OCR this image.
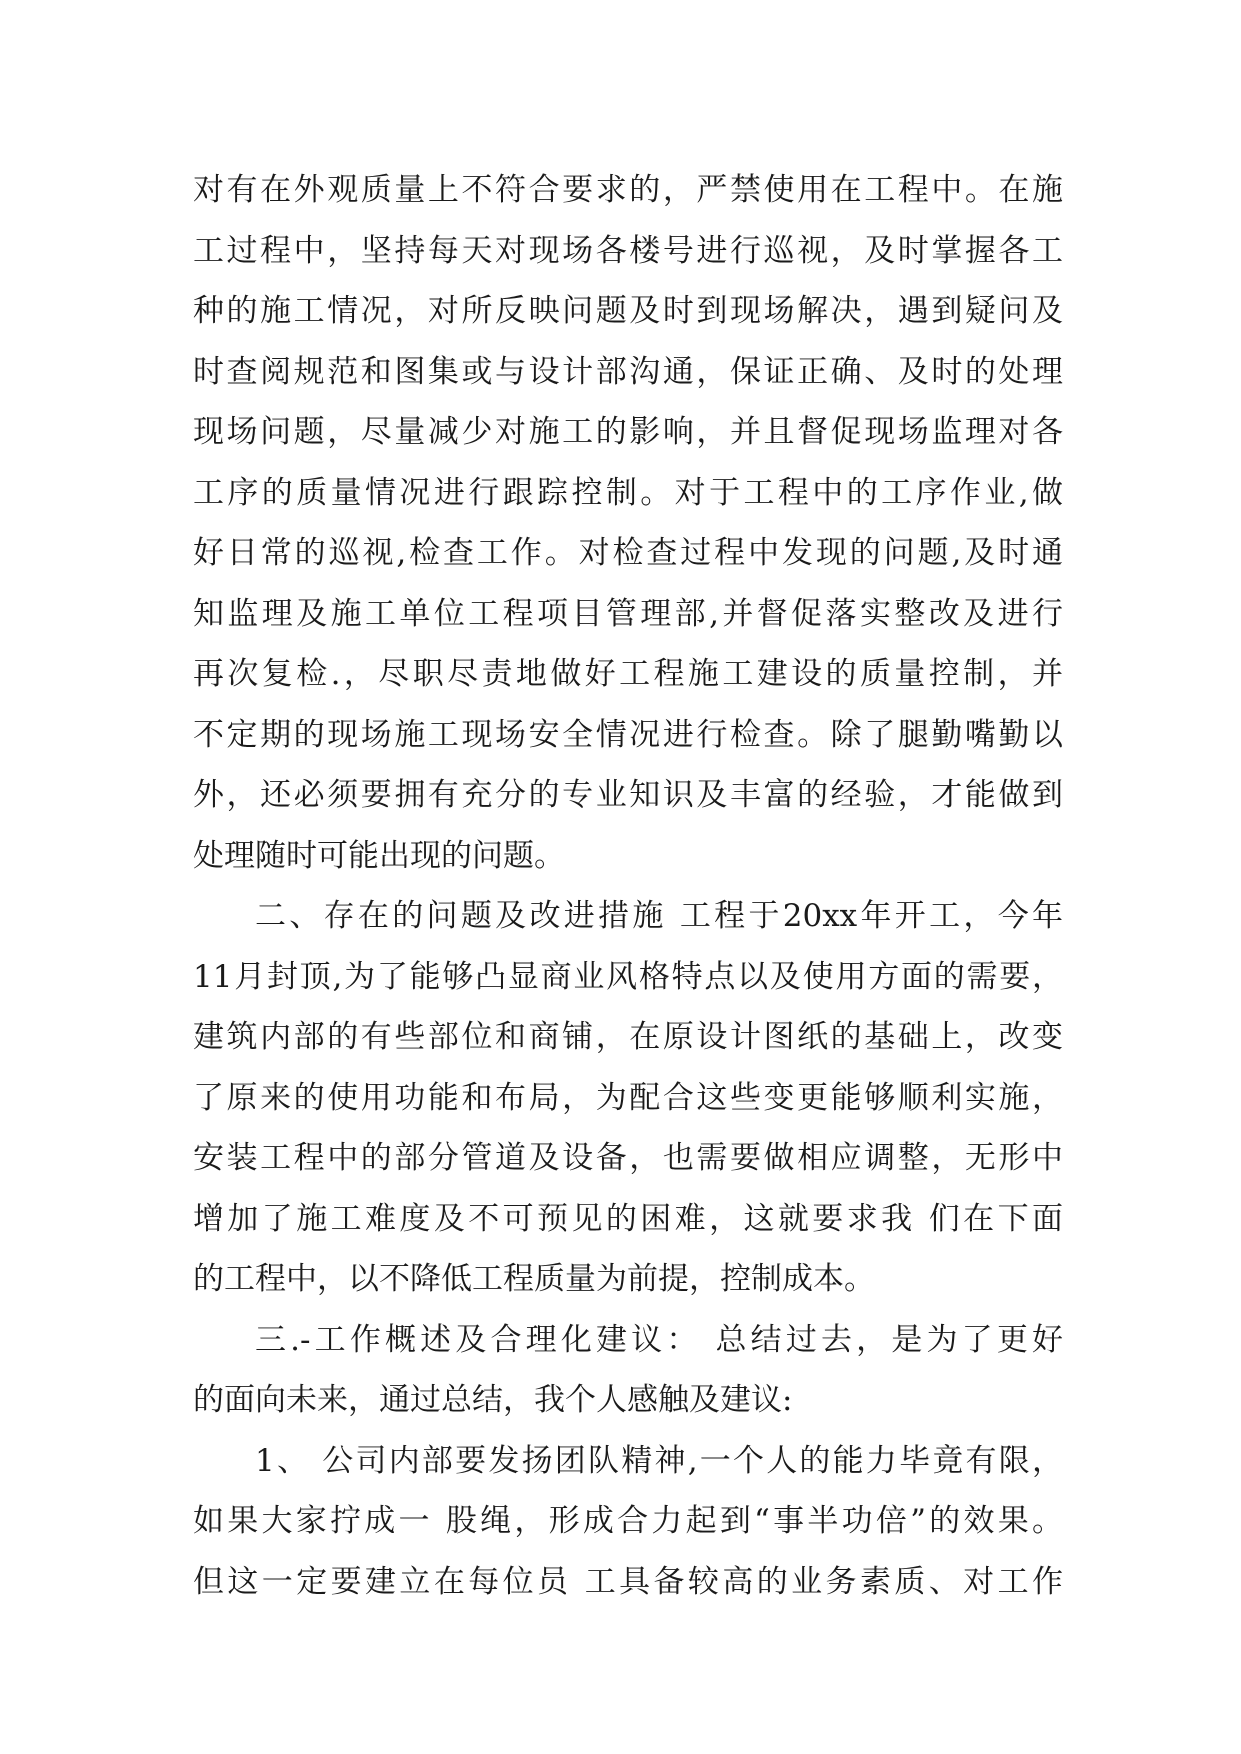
对有在外观质量上不符合要求的，严禁使用在工程中。在施
工过程中，坚持每天对现场各楼号进行巡视，及时掌握各工
种的施工情况，对所反映问题及时到现场解决，遇到疑问及
时查阅规范和图集或与设计部沟通，保证正确、及时的处理
现场问题，尽量减少对施工的影响，并且督促现场监理对各
工序的质量情况进行跟踪控制。对于工程中的工序作业,做
好日常的巡视,检查工作。对检查过程中发现的问题,及时通
知监理及施工单位工程项目管理部,并督促落实整改及进行
再次复检.，尽职尽责地做好工程施工建设的质量控制，并
不定期的现场施工现场安全情况进行检查。除了腿勤嘴勤以
外，还必须要拥有充分的专业知识及丰富的经验，才能做到
处理随时可能出现的问题。
二、存在的问题及改进措施 工程于20xx年开工，今年
11月封顶,为了能够凸显商业风格特点以及使用方面的需要，
建筑内部的有些部位和商铺，在原设计图纸的基础上，改变
了原来的使用功能和布局，为配合这些变更能够顺利实施，
安装工程中的部分管道及设备，也需要做相应调整，无形中
增加了施工难度及不可预见的困难，这就要求我 们在下面
的工程中，以不降低工程质量为前提，控制成本。
三.-工作概述及合理化建议： 总结过去，是为了更好
的面向未来，通过总结，我个人感触及建议:
1、 公司内部要发扬团队精神,一个人的能力毕竟有限，
如果大家拧成一 股绳，形成合力起到“事半功倍”的效果。
但这一定要建立在每位员 工具备较高的业务素质、对工作
